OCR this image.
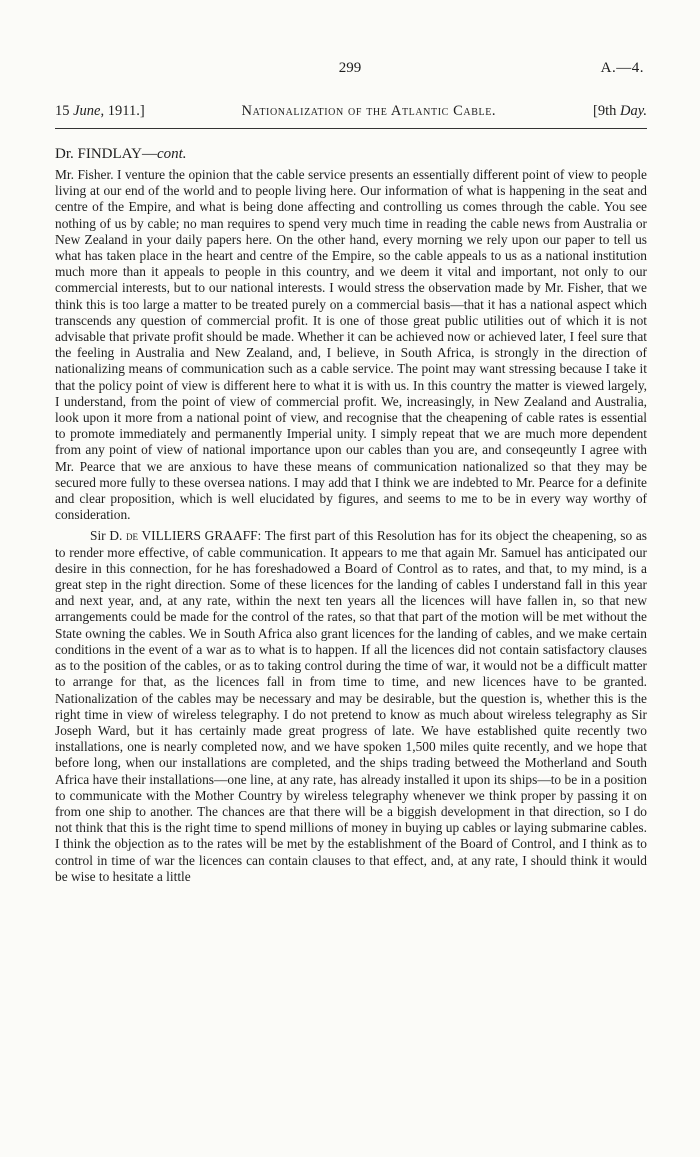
299	A.—4.
15 June, 1911.]	Nationalization of the Atlantic Cable.	[9th Day.
Dr. FINDLAY—cont.

Mr. Fisher. I venture the opinion that the cable service presents an essentially different point of view to people living at our end of the world and to people living here. Our information of what is happening in the seat and centre of the Empire, and what is being done affecting and controlling us comes through the cable. You see nothing of us by cable; no man requires to spend very much time in reading the cable news from Australia or New Zealand in your daily papers here. On the other hand, every morning we rely upon our paper to tell us what has taken place in the heart and centre of the Empire, so the cable appeals to us as a national institution much more than it appeals to people in this country, and we deem it vital and important, not only to our commercial interests, but to our national interests. I would stress the observation made by Mr. Fisher, that we think this is too large a matter to be treated purely on a commercial basis—that it has a national aspect which transcends any question of commercial profit. It is one of those great public utilities out of which it is not advisable that private profit should be made. Whether it can be achieved now or achieved later, I feel sure that the feeling in Australia and New Zealand, and, I believe, in South Africa, is strongly in the direction of nationalizing means of communication such as a cable service. The point may want stressing because I take it that the policy point of view is different here to what it is with us. In this country the matter is viewed largely, I understand, from the point of view of commercial profit. We, increasingly, in New Zealand and Australia, look upon it more from a national point of view, and recognise that the cheapening of cable rates is essential to promote immediately and permanently Imperial unity. I simply repeat that we are much more dependent from any point of view of national importance upon our cables than you are, and conseqeuntly I agree with Mr. Pearce that we are anxious to have these means of communication nationalized so that they may be secured more fully to these oversea nations. I may add that I think we are indebted to Mr. Pearce for a definite and clear proposition, which is well elucidated by figures, and seems to me to be in every way worthy of consideration.

Sir D. de VILLIERS GRAAFF: The first part of this Resolution has for its object the cheapening, so as to render more effective, of cable communication. It appears to me that again Mr. Samuel has anticipated our desire in this connection, for he has foreshadowed a Board of Control as to rates, and that, to my mind, is a great step in the right direction. Some of these licences for the landing of cables I understand fall in this year and next year, and, at any rate, within the next ten years all the licences will have fallen in, so that new arrangements could be made for the control of the rates, so that that part of the motion will be met without the State owning the cables. We in South Africa also grant licences for the landing of cables, and we make certain conditions in the event of a war as to what is to happen. If all the licences did not contain satisfactory clauses as to the position of the cables, or as to taking control during the time of war, it would not be a difficult matter to arrange for that, as the licences fall in from time to time, and new licences have to be granted. Nationalization of the cables may be necessary and may be desirable, but the question is, whether this is the right time in view of wireless telegraphy. I do not pretend to know as much about wireless telegraphy as Sir Joseph Ward, but it has certainly made great progress of late. We have established quite recently two installations, one is nearly completed now, and we have spoken 1,500 miles quite recently, and we hope that before long, when our installations are completed, and the ships trading betweed the Motherland and South Africa have their installations—one line, at any rate, has already installed it upon its ships—to be in a position to communicate with the Mother Country by wireless telegraphy whenever we think proper by passing it on from one ship to another. The chances are that there will be a biggish development in that direction, so I do not think that this is the right time to spend millions of money in buying up cables or laying submarine cables. I think the objection as to the rates will be met by the establishment of the Board of Control, and I think as to control in time of war the licences can contain clauses to that effect, and, at any rate, I should think it would be wise to hesitate a little
